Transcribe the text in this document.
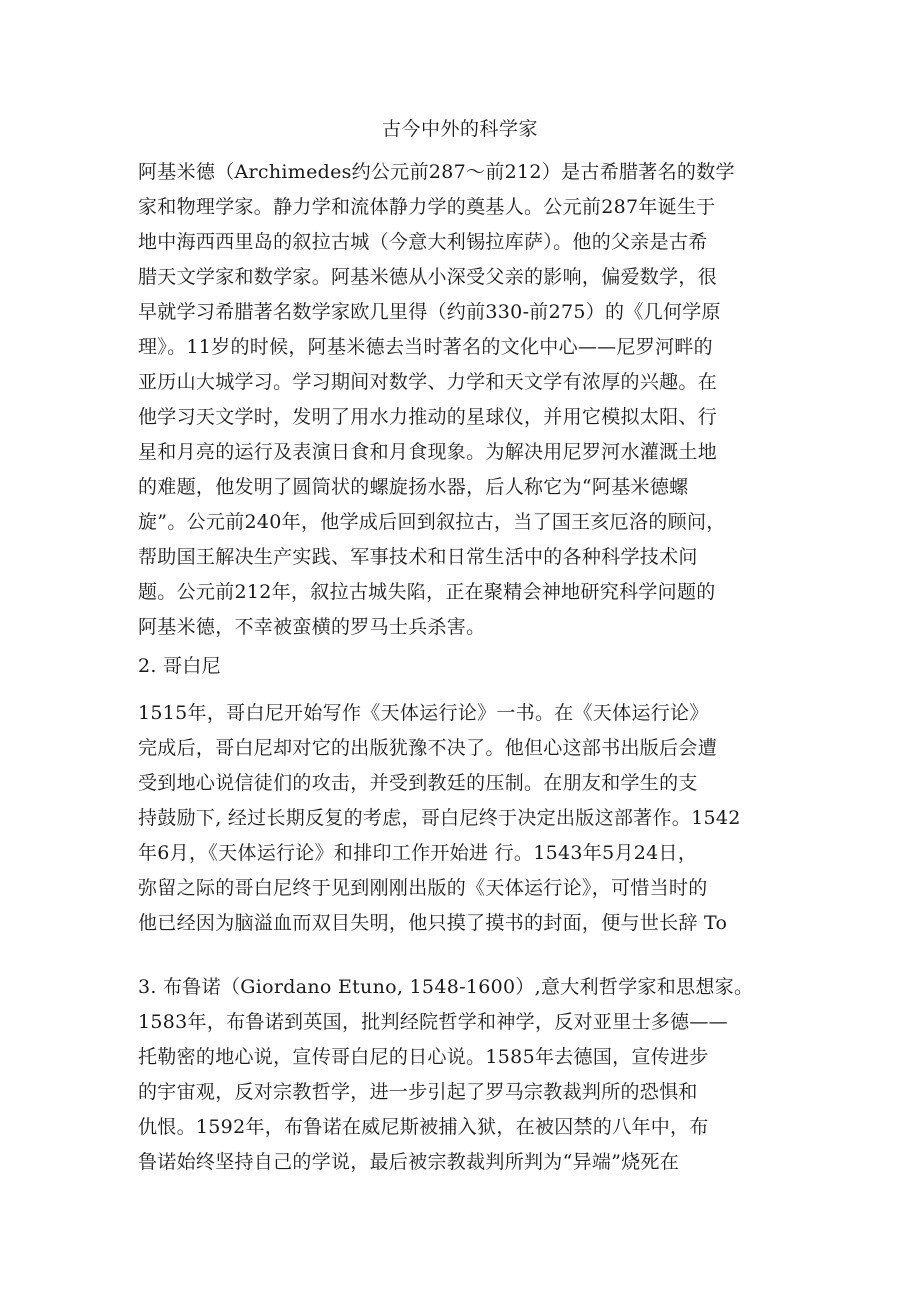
古今中外的科学家
阿基米德（Archimedes约公元前287～前212）是古希腊著名的数学
家和物理学家。静力学和流体静力学的奠基人。公元前287年诞生于
地中海西西里岛的叙拉古城（今意大利锡拉库萨）。他的父亲是古希
腊天文学家和数学家。阿基米德从小深受父亲的影响，偏爱数学，很
早就学习希腊著名数学家欧几里得（约前330-前275）的《几何学原
理》。11岁的时候，阿基米德去当时著名的文化中心——尼罗河畔的
亚历山大城学习。学习期间对数学、力学和天文学有浓厚的兴趣。在
他学习天文学时，发明了用水力推动的星球仪，并用它模拟太阳、行
星和月亮的运行及表演日食和月食现象。为解决用尼罗河水灌溉土地
的难题，他发明了圆筒状的螺旋扬水器，后人称它为“阿基米德螺
旋”。公元前240年，他学成后回到叙拉古，当了国王亥厄洛的顾问，
帮助国王解决生产实践、军事技术和日常生活中的各种科学技术问
题。公元前212年，叙拉古城失陷，正在聚精会神地研究科学问题的
阿基米德，不幸被蛮横的罗马士兵杀害。
2. 哥白尼
1515年，哥白尼开始写作《天体运行论》一书。在《天体运行论》
完成后，哥白尼却对它的出版犹豫不决了。他但心这部书出版后会遭
受到地心说信徒们的攻击，并受到教廷的压制。在朋友和学生的支
持鼓励下, 经过长期反复的考虑，哥白尼终于决定出版这部著作。1542
年6月，《天体运行论》和排印工作开始进 行。1543年5月24日，
弥留之际的哥白尼终于见到刚刚出版的《天体运行论》，可惜当时的
他已经因为脑溢血而双目失明，他只摸了摸书的封面，便与世长辞 To
3. 布鲁诺（Giordano Etuno, 1548-1600）,意大利哲学家和思想家。
1583年，布鲁诺到英国，批判经院哲学和神学，反对亚里士多德——
托勒密的地心说，宣传哥白尼的日心说。1585年去德国，宣传进步
的宇宙观，反对宗教哲学，进一步引起了罗马宗教裁判所的恐惧和
仇恨。1592年，布鲁诺在威尼斯被捕入狱，在被囚禁的八年中，布
鲁诺始终坚持自己的学说，最后被宗教裁判所判为“异端”烧死在
